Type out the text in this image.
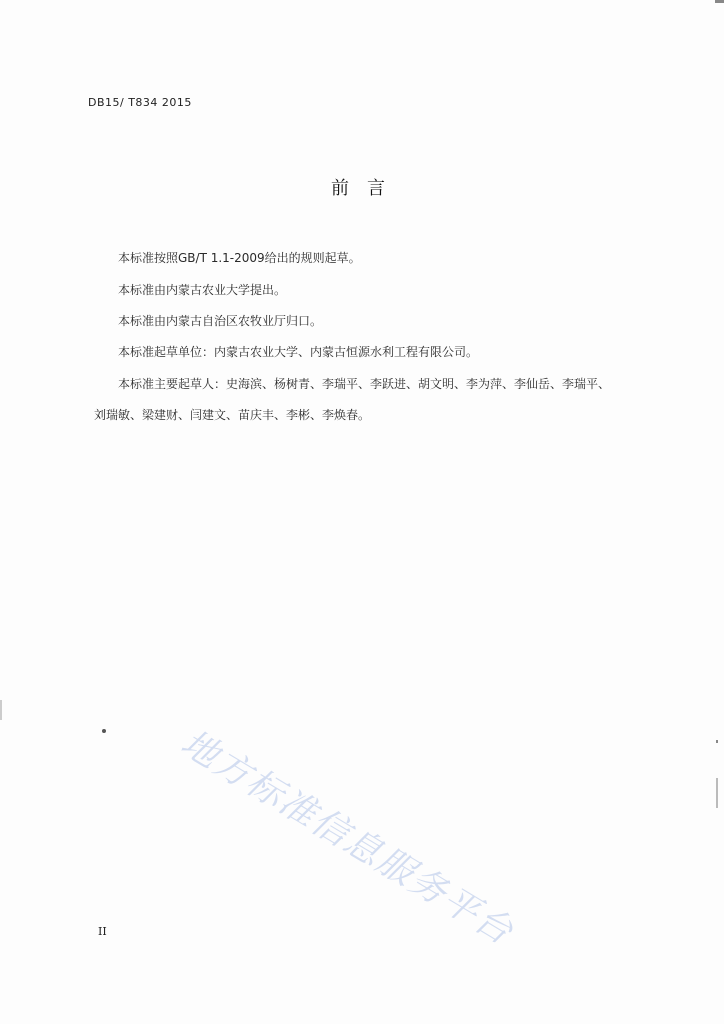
DB15/ T834 2015
前言
本标准按照GB/T 1.1-2009给出的规则起草。
本标准由内蒙古农业大学提出。
本标准由内蒙古自治区农牧业厅归口。
本标准起草单位：内蒙古农业大学、内蒙古恒源水利工程有限公司。
本标准主要起草人：史海滨、杨树青、李瑞平、李跃进、胡文明、李为萍、李仙岳、李瑞平、
刘瑞敏、梁建财、闫建文、苗庆丰、李彬、李焕春。
地方标准信息服务平台
II
